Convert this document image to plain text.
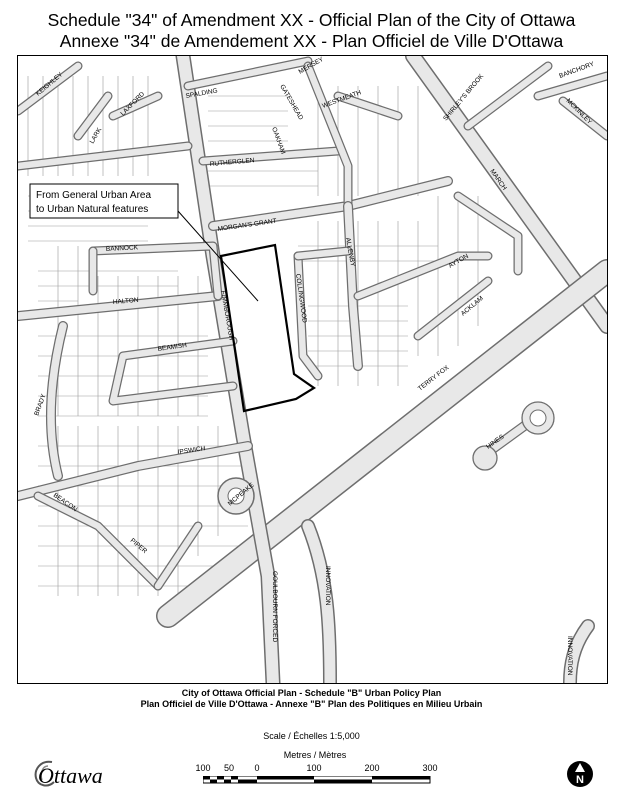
Schedule "34" of Amendment XX - Official Plan of the City of Ottawa
Annexe "34" de Amendement XX - Plan Officiel de Ville D'Ottawa
From General Urban Area
to Urban Natural features
KEIGHLEY
LARK
LAXFORD	SPALDING
MERSEY
GATESHEAD	WESTMEATH
OAKHAM
RUTHERGLEN
SHIRLEY'S BROOK
BANCHORY
MCKINLEY
MARCH
MORGAN'S GRANT
BANNOCK
HALTON	FIMMBOROUGH	COLLINGWOOD
ALLENBY	AYTON
ACKLAM
TERRY FOX
BEAMISH
BRADY
IPSWICH
MCPEAKE
HINES
BEACON
PIPER
GOULBOURN FORCED	INNOVATION
INNOVATION
City of Ottawa Official Plan - Schedule "B" Urban Policy Plan
Plan Officiel de Ville D'Ottawa - Annexe "B" Plan des Politiques en Milieu Urbain
Scale / Échelles 1:5,000
Metres / Mètres
100 50 0	100	200	300
Ottawa	N
